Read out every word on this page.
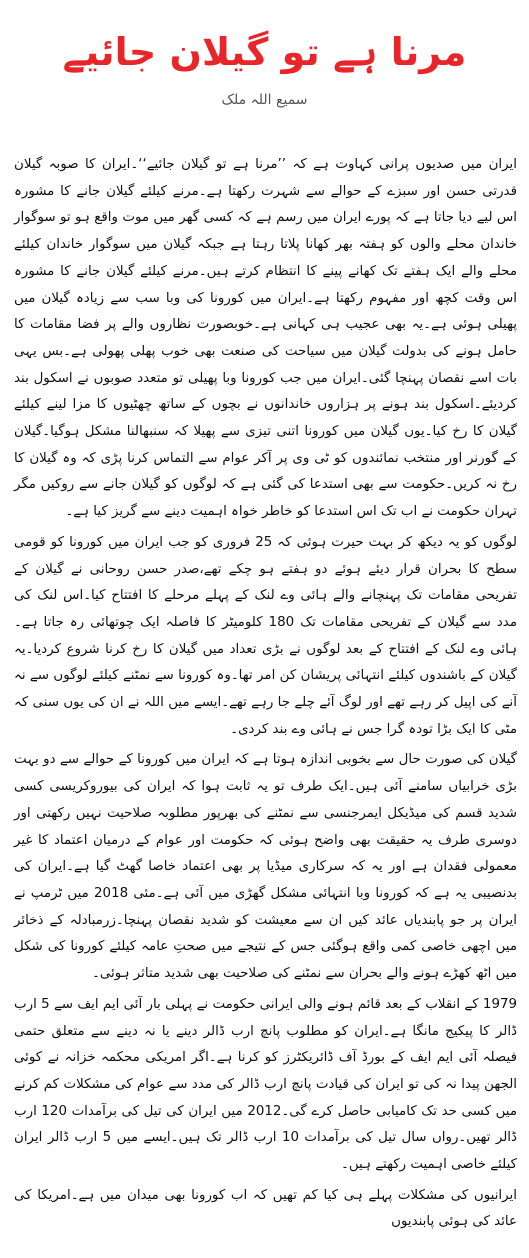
مرنا ہے تو گیلان جائیے
سمیع اللہ ملک

ایران میں صدیوں پرانی کہاوت ہے کہ ’’مرنا ہے تو گیلان جائیے‘‘۔ایران کا صوبہ گیلان قدرتی حسن اور سبزے کے حوالے سے شہرت رکھتا ہے۔مرنے کیلئے گیلان جانے کا مشورہ اس لیے دیا جاتا ہے کہ پورے ایران میں رسم ہے کہ کسی گھر میں موت واقع ہو تو سوگوار خاندان محلے والوں کو ہفتہ بھر کھانا پلاتا رہتا ہے جبکہ گیلان میں سوگوار خاندان کیلئے محلے والے ایک ہفتے تک کھانے پینے کا انتظام کرتے ہیں۔مرنے کیلئے گیلان جانے کا مشورہ اس وقت کچھ اور مفہوم رکھتا ہے۔ایران میں کورونا کی وبا سب سے زیادہ گیلان میں پھیلی ہوئی ہے۔یہ بھی عجیب ہی کہانی ہے۔خوبصورت نظاروں والے پر فضا مقامات کا حامل ہونے کی بدولت گیلان میں سیاحت کی صنعت بھی خوب پھلی پھولی ہے۔بس یہی بات اسے نقصان پہنچا گئی۔ایران میں جب کورونا وبا پھیلی تو متعدد صوبوں نے اسکول بند کردیئے۔اسکول بند ہونے پر ہزاروں خاندانوں نے بچوں کے ساتھ چھٹیوں کا مزا لینے کیلئے گیلان کا رخ کیا۔یوں گیلان میں کورونا اتنی تیزی سے پھیلا کہ سنبھالنا مشکل ہوگیا۔گیلان کے گورنر اور منتخب نمائندوں کو ٹی وی پر آکر عوام سے التماس کرنا پڑی کہ وہ گیلان کا رخ نہ کریں۔حکومت سے بھی استدعا کی گئی ہے کہ لوگوں کو گیلان جانے سے روکیں مگر تہران حکومت نے اب تک اس استدعا کو خاطر خواہ اہمیت دینے سے گریز کیا ہے۔

لوگوں کو یہ دیکھ کر بہت حیرت ہوئی کہ 25 فروری کو جب ایران میں کورونا کو قومی سطح کا بحران قرار دیئے ہوئے دو ہفتے ہو چکے تھے،صدر حسن روحانی نے گیلان کے تفریحی مقامات تک پہنچانے والے ہائی وے لنک کے پہلے مرحلے کا افتتاح کیا۔اس لنک کی مدد سے گیلان کے تفریحی مقامات تک 180 کلومیٹر کا فاصلہ ایک چوتھائی رہ جاتا ہے۔ہائی وے لنک کے افتتاح کے بعد لوگوں نے بڑی تعداد میں گیلان کا رخ کرنا شروع کردیا۔یہ گیلان کے باشندوں کیلئے انتہائی پریشان کن امر تھا۔وہ کورونا سے نمٹنے کیلئے لوگوں سے نہ آنے کی اپیل کر رہے تھے اور لوگ آئے چلے جا رہے تھے۔ایسے میں اللہ نے ان کی یوں سنی کہ مٹی کا ایک بڑا تودہ گرا جس نے ہائی وے بند کردی۔

گیلان کی صورت حال سے بخوبی اندازہ ہوتا ہے کہ ایران میں کورونا کے حوالے سے دو بہت بڑی خرابیاں سامنے آئی ہیں۔ایک طرف تو یہ ثابت ہوا کہ ایران کی بیوروکریسی کسی شدید قسم کی میڈیکل ایمرجنسی سے نمٹنے کی بھرپور مطلوبہ صلاحیت نہیں رکھتی اور دوسری طرف یہ حقیقت بھی واضح ہوئی کہ حکومت اور عوام کے درمیان اعتماد کا غیر معمولی فقدان ہے اور یہ کہ سرکاری میڈیا پر بھی اعتماد خاصا گھٹ گیا ہے۔ایران کی بدنصیبی یہ ہے کہ کورونا وبا انتہائی مشکل گھڑی میں آئی ہے۔مئی 2018 میں ٹرمپ نے ایران پر جو پابندیاں عائد کیں ان سے معیشت کو شدید نقصان پہنچا۔زرمبادلہ کے ذخائر میں اچھی خاصی کمی واقع ہوگئی جس کے نتیجے میں صحتِ عامہ کیلئے کورونا کی شکل میں اٹھ کھڑے ہونے والے بحران سے نمٹنے کی صلاحیت بھی شدید متاثر ہوئی۔

1979 کے انقلاب کے بعد قائم ہونے والی ایرانی حکومت نے پہلی بار آئی ایم ایف سے 5 ارب ڈالر کا پیکیج مانگا ہے۔ایران کو مطلوب پانچ ارب ڈالر دینے یا نہ دینے سے متعلق حتمی فیصلہ آئی ایم ایف کے بورڈ آف ڈائریکٹرز کو کرنا ہے۔اگر امریکی محکمہ خزانہ نے کوئی الجھن پیدا نہ کی تو ایران کی قیادت پانچ ارب ڈالر کی مدد سے عوام کی مشکلات کم کرنے میں کسی حد تک کامیابی حاصل کرے گی۔2012 میں ایران کی تیل کی برآمدات 120 ارب ڈالر تھیں۔رواں سال تیل کی برآمدات 10 ارب ڈالر تک ہیں۔ایسے میں 5 ارب ڈالر ایران کیلئے خاصی اہمیت رکھتے ہیں۔

ایرانیوں کی مشکلات پہلے ہی کیا کم تھیں کہ اب کورونا بھی میدان میں ہے۔امریکا کی عائد کی ہوئی پابندیوں
